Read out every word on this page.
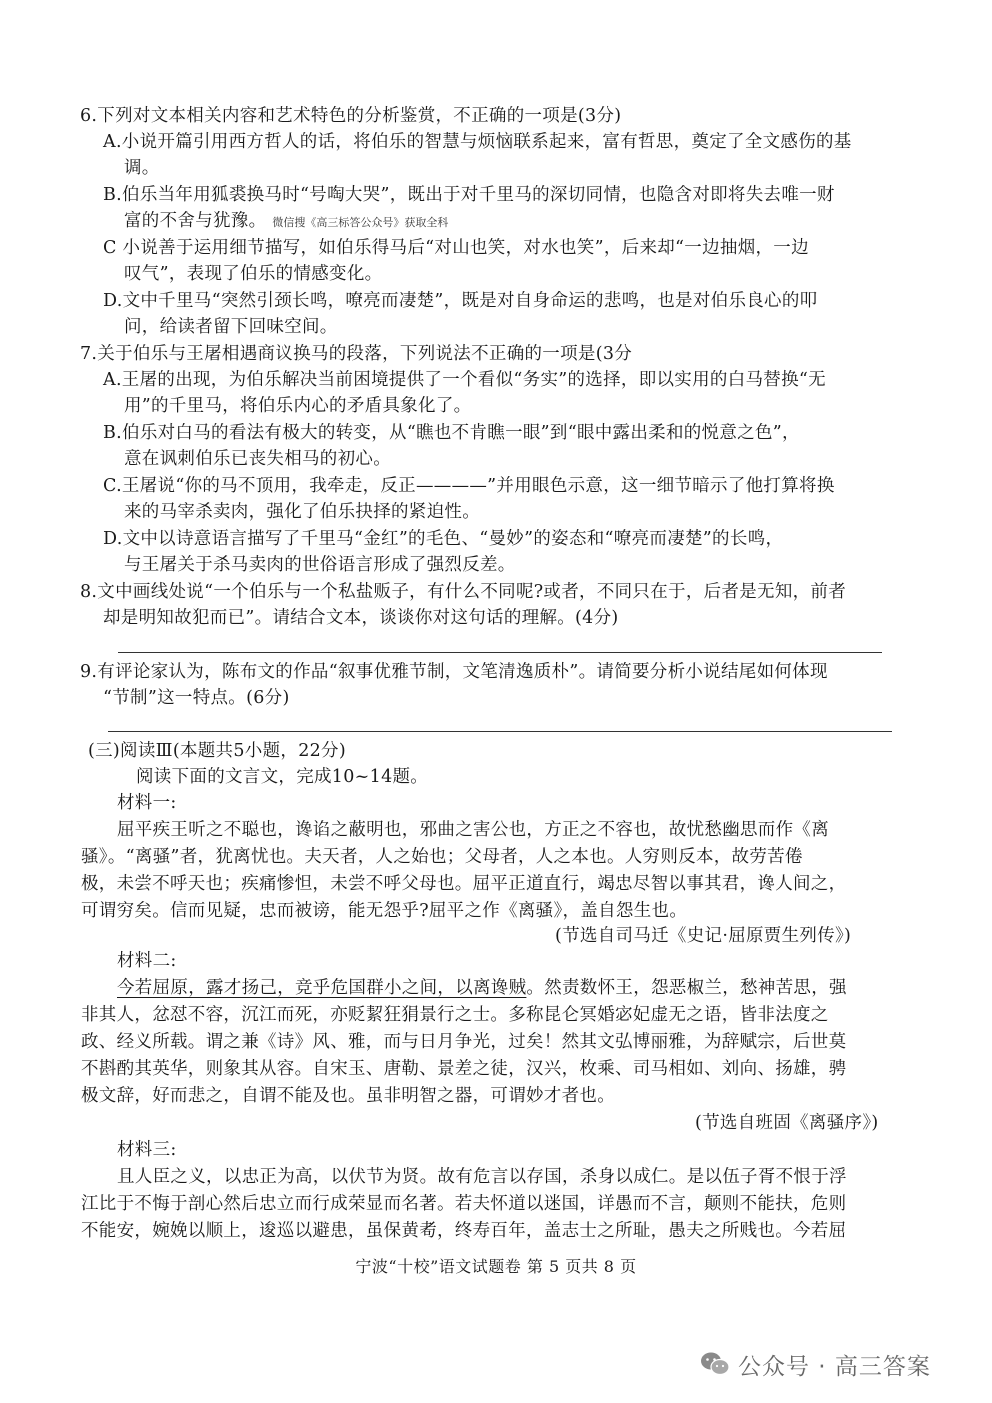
6.下列对文本相关内容和艺术特色的分析鉴赏，不正确的一项是(3分)
A.小说开篇引用西方哲人的话，将伯乐的智慧与烦恼联系起来，富有哲思，奠定了全文感伤的基
调。
B.伯乐当年用狐裘换马时“号啕大哭”，既出于对千里马的深切同情，也隐含对即将失去唯一财
富的不舍与犹豫。 微信搜《高三标答公众号》获取全科
C 小说善于运用细节描写，如伯乐得马后“对山也笑，对水也笑”，后来却“一边抽烟，一边
叹气”，表现了伯乐的情感变化。
D.文中千里马“突然引颈长鸣，嘹亮而凄楚”，既是对自身命运的悲鸣，也是对伯乐良心的叩
问，给读者留下回味空间。
7.关于伯乐与王屠相遇商议换马的段落，下列说法不正确的一项是(3分
A.王屠的出现，为伯乐解决当前困境提供了一个看似“务实”的选择，即以实用的白马替换“无
用”的千里马，将伯乐内心的矛盾具象化了。
B.伯乐对白马的看法有极大的转变，从“瞧也不肯瞧一眼”到“眼中露出柔和的悦意之色”，
意在讽刺伯乐已丧失相马的初心。
C.王屠说“你的马不顶用，我牵走，反正————”并用眼色示意，这一细节暗示了他打算将换
来的马宰杀卖肉，强化了伯乐抉择的紧迫性。
D.文中以诗意语言描写了千里马“金红”的毛色、“曼妙”的姿态和“嘹亮而凄楚”的长鸣，
与王屠关于杀马卖肉的世俗语言形成了强烈反差。
8.文中画线处说“一个伯乐与一个私盐贩子，有什么不同呢?或者，不同只在于，后者是无知，前者
却是明知故犯而已”。请结合文本，谈谈你对这句话的理解。(4分)
9.有评论家认为，陈布文的作品“叙事优雅节制，文笔清逸质朴”。请简要分析小说结尾如何体现
“节制”这一特点。(6分)
(三)阅读Ⅲ(本题共5小题，22分)
阅读下面的文言文，完成10~14题。
材料一:
屈平疾王听之不聪也，谗谄之蔽明也，邪曲之害公也，方正之不容也，故忧愁幽思而作《离
骚》。“离骚”者，犹离忧也。夫天者，人之始也；父母者，人之本也。人穷则反本，故劳苦倦
极，未尝不呼天也；疾痛惨怛，未尝不呼父母也。屈平正道直行，竭忠尽智以事其君，谗人间之，
可谓穷矣。信而见疑，忠而被谤，能无怨乎?屈平之作《离骚》，盖自怨生也。
(节选自司马迁《史记·屈原贾生列传》)
材料二:
今若屈原，露才扬己，竞乎危国群小之间，以离谗贼。然责数怀王，怨恶椒兰，愁神苦思，强
非其人，忿怼不容，沉江而死，亦贬絜狂狷景行之士。多称昆仑冥婚宓妃虚无之语，皆非法度之
政、经义所载。谓之兼《诗》风、雅，而与日月争光，过矣！然其文弘博丽雅，为辞赋宗，后世莫
不斟酌其英华，则象其从容。自宋玉、唐勒、景差之徒，汉兴，枚乘、司马相如、刘向、扬雄，骋
极文辞，好而悲之，自谓不能及也。虽非明智之器，可谓妙才者也。
(节选自班固《离骚序》)
材料三:
且人臣之义，以忠正为高，以伏节为贤。故有危言以存国，杀身以成仁。是以伍子胥不恨于浮
江比于不悔于剖心然后忠立而行成荣显而名著。若夫怀道以迷国，详愚而不言，颠则不能扶，危则
不能安，婉娩以顺上，逡巡以避患，虽保黄耇，终寿百年，盖志士之所耻，愚夫之所贱也。今若屈
宁波“十校”语文试题卷 第 5 页共 8 页
公众号 · 高三答案
